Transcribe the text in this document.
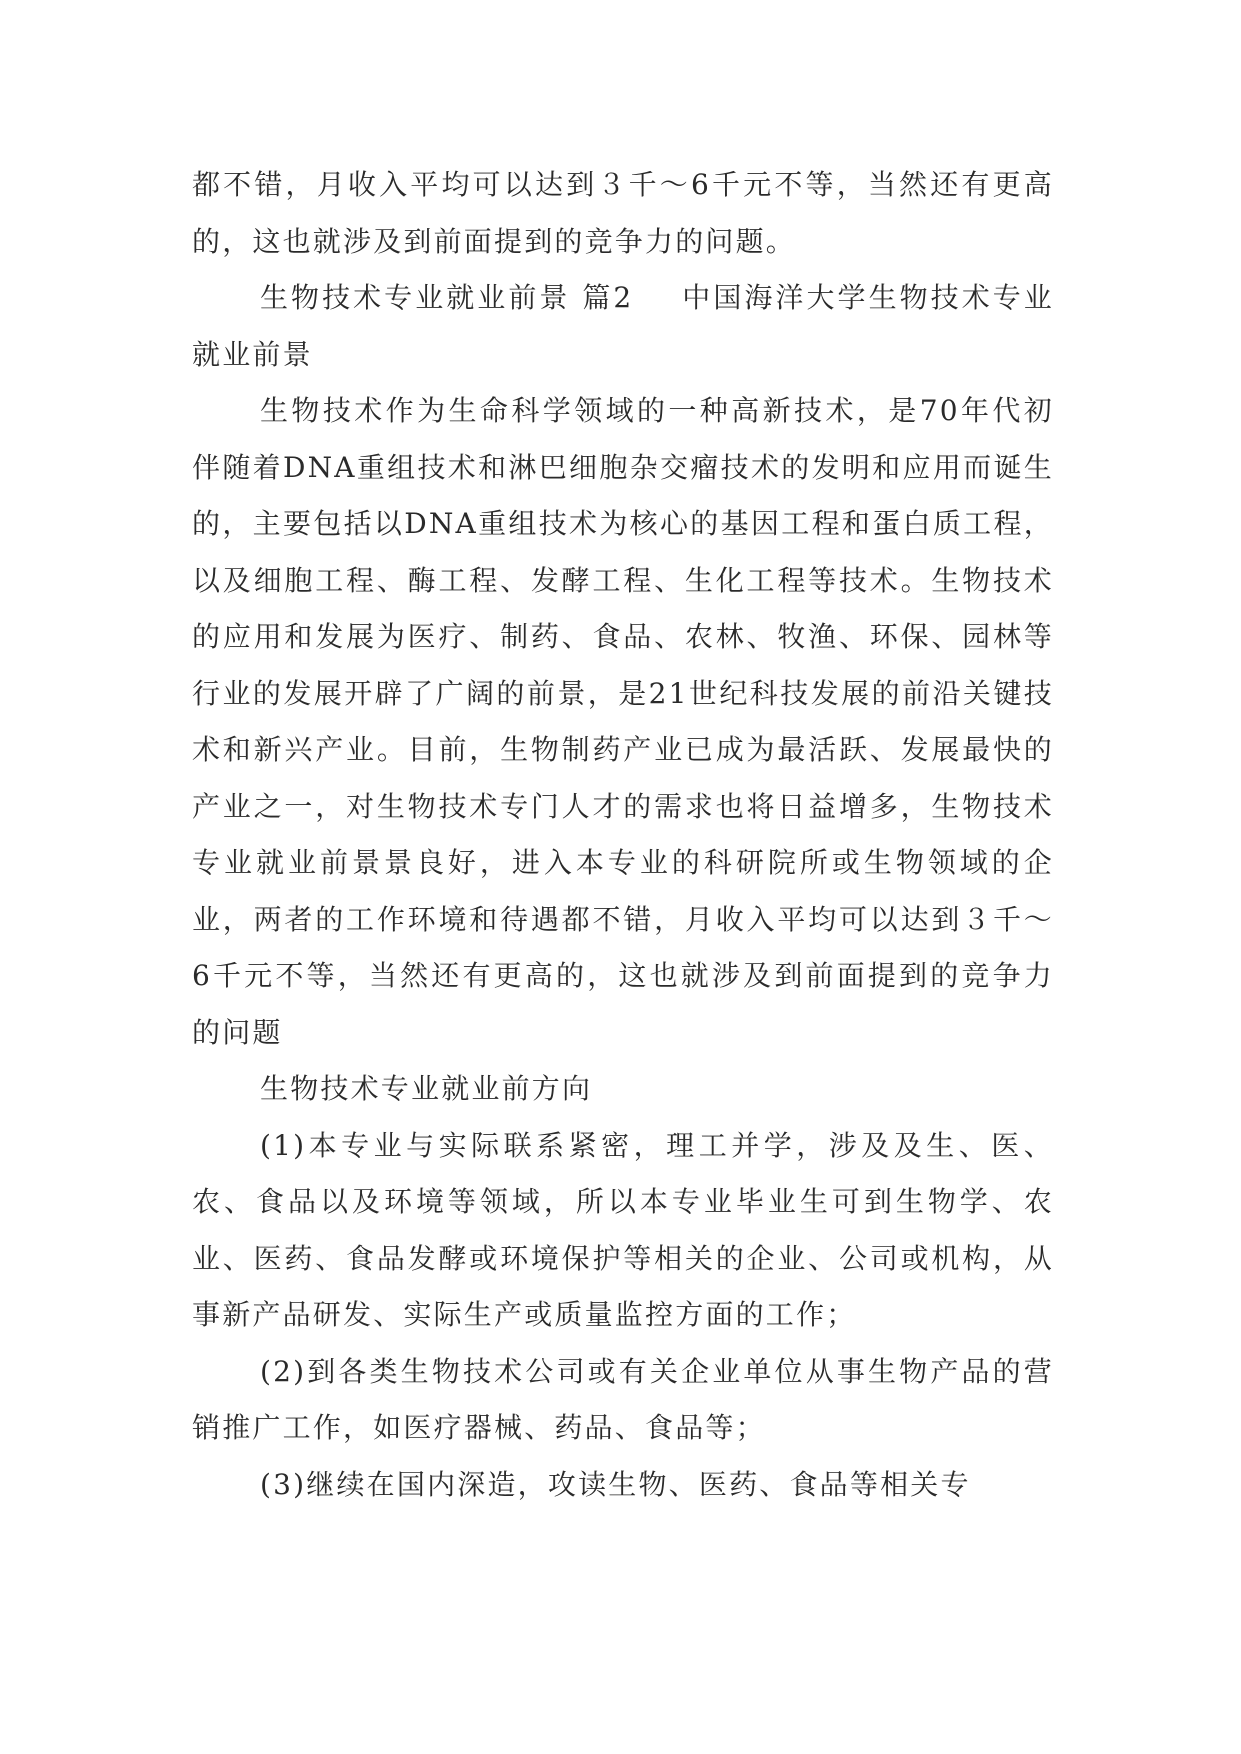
都不错，月收入平均可以达到３千～6千元不等，当然还有更高的，这也就涉及到前面提到的竞争力的问题。

生物技术专业就业前景 篇2 中国海洋大学生物技术专业就业前景

生物技术作为生命科学领域的一种高新技术，是70年代初伴随着DNA重组技术和淋巴细胞杂交瘤技术的发明和应用而诞生的，主要包括以DNA重组技术为核心的基因工程和蛋白质工程，以及细胞工程、酶工程、发酵工程、生化工程等技术。生物技术的应用和发展为医疗、制药、食品、农林、牧渔、环保、园林等行业的发展开辟了广阔的前景，是21世纪科技发展的前沿关键技术和新兴产业。目前，生物制药产业已成为最活跃、发展最快的产业之一，对生物技术专门人才的需求也将日益增多，生物技术专业就业前景景良好，进入本专业的科研院所或生物领域的企业，两者的工作环境和待遇都不错，月收入平均可以达到３千～6千元不等，当然还有更高的，这也就涉及到前面提到的竞争力的问题

生物技术专业就业前方向

(1)本专业与实际联系紧密，理工并学，涉及及生、医、农、食品以及环境等领域，所以本专业毕业生可到生物学、农业、医药、食品发酵或环境保护等相关的企业、公司或机构，从事新产品研发、实际生产或质量监控方面的工作；

(2)到各类生物技术公司或有关企业单位从事生物产品的营销推广工作，如医疗器械、药品、食品等；

(3)继续在国内深造，攻读生物、医药、食品等相关专
